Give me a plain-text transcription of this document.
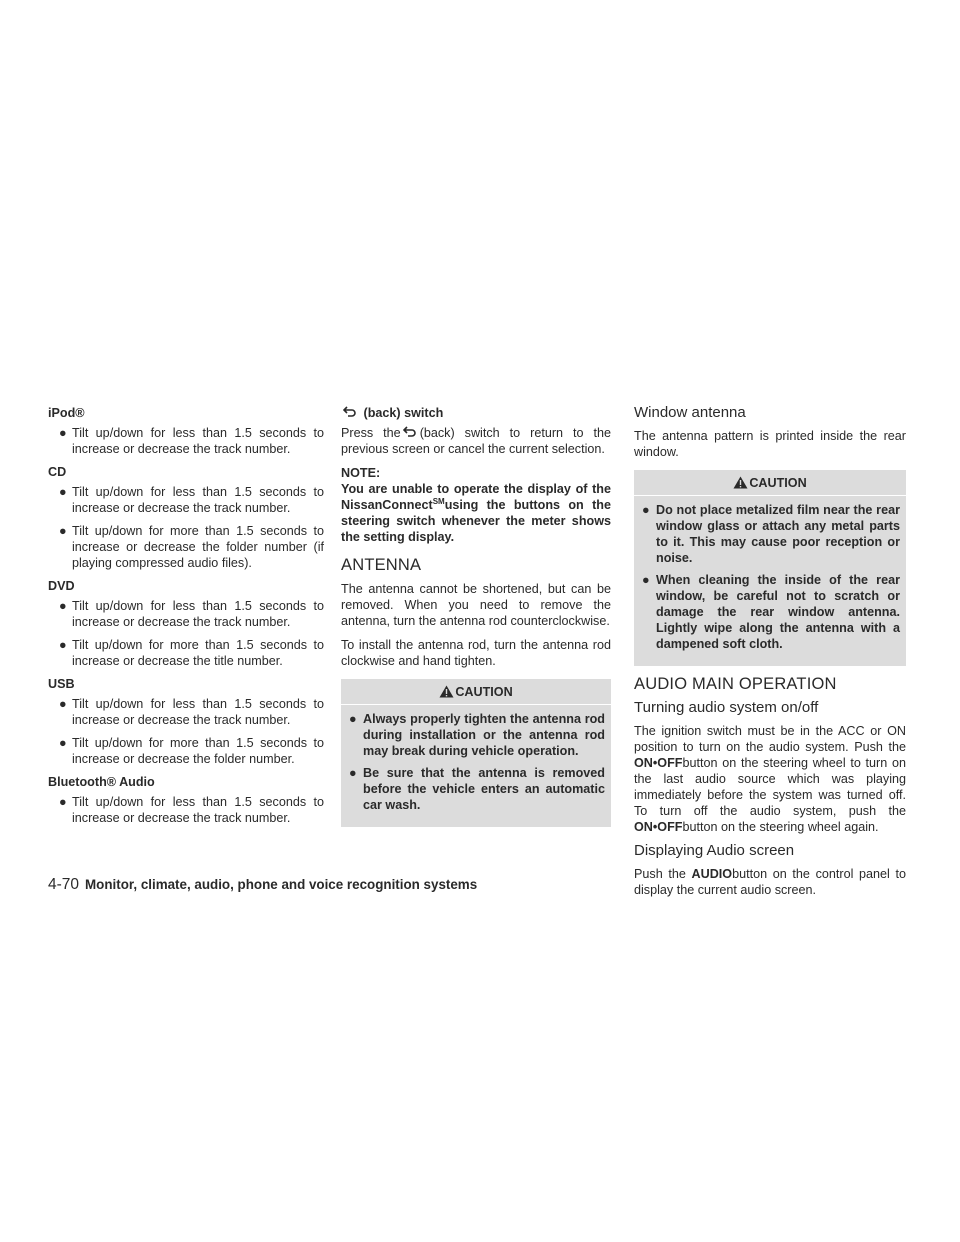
iPod®
● Tilt up/down for less than 1.5 seconds to increase or decrease the track number.
CD
● Tilt up/down for less than 1.5 seconds to increase or decrease the track number.
● Tilt up/down for more than 1.5 seconds to increase or decrease the folder number (if playing compressed audio files).
DVD
● Tilt up/down for less than 1.5 seconds to increase or decrease the track number.
● Tilt up/down for more than 1.5 seconds to increase or decrease the title number.
USB
● Tilt up/down for less than 1.5 seconds to increase or decrease the track number.
● Tilt up/down for more than 1.5 seconds to increase or decrease the folder number.
Bluetooth® Audio
● Tilt up/down for less than 1.5 seconds to increase or decrease the track number.
(back) switch

Press the (back) switch to return to the previous screen or cancel the current selection.

NOTE:
You are unable to operate the display of the NissanConnect℠using the buttons on the steering switch whenever the meter shows the setting display.
ANTENNA

The antenna cannot be shortened, but can be removed. When you need to remove the antenna, turn the antenna rod counterclockwise.

To install the antenna rod, turn the antenna rod clockwise and hand tighten.

CAUTION
● Always properly tighten the antenna rod during installation or the antenna rod may break during vehicle operation.
● Be sure that the antenna is removed before the vehicle enters an automatic car wash.
Window antenna

The antenna pattern is printed inside the rear window.

CAUTION
● Do not place metalized film near the rear window glass or attach any metal parts to it. This may cause poor reception or noise.
● When cleaning the inside of the rear window, be careful not to scratch or damage the rear window antenna. Lightly wipe along the antenna with a dampened soft cloth.
AUDIO MAIN OPERATION
Turning audio system on/off

The ignition switch must be in the ACC or ON position to turn on the audio system. Push the ON•OFFbutton on the steering wheel to turn on the last audio source which was playing immediately before the system was turned off. To turn off the audio system, push the ON•OFFbutton on the steering wheel again.

Displaying Audio screen

Push the AUDIObutton on the control panel to display the current audio screen.

4-70 Monitor, climate, audio, phone and voice recognition systems
